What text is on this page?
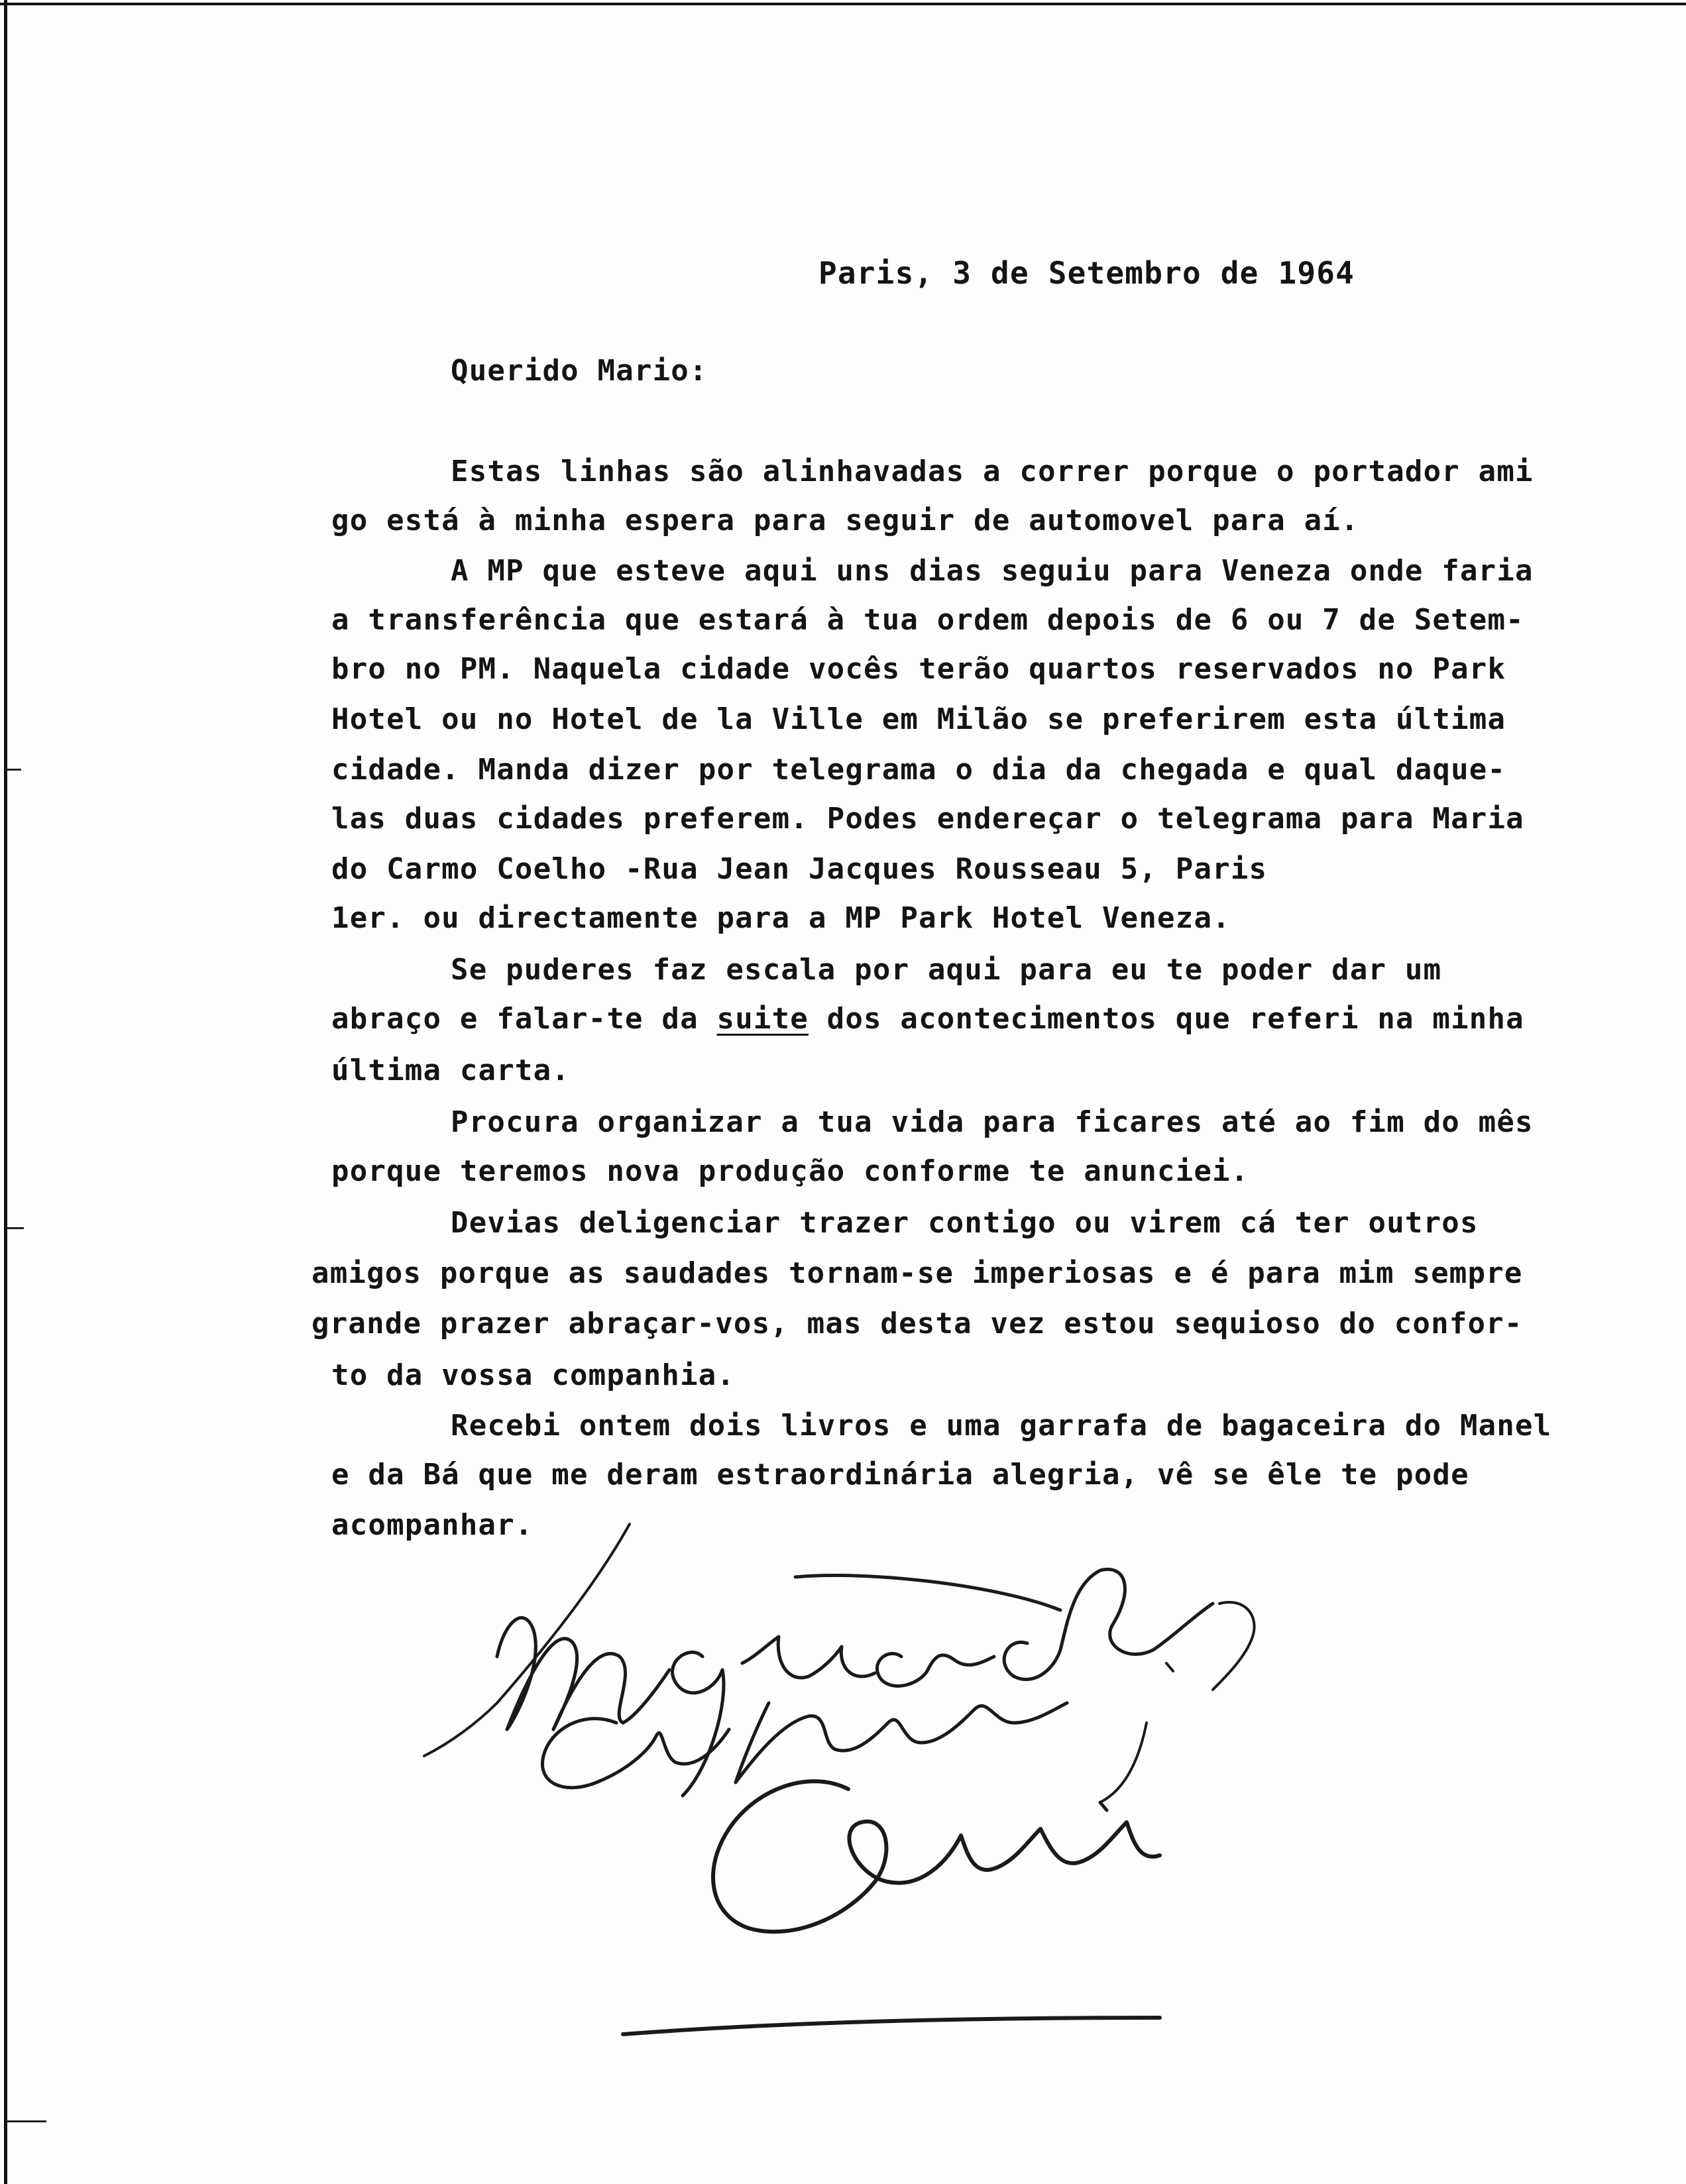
Paris, 3 de Setembro de 1964
Querido Mario:
Estas linhas são alinhavadas a correr porque o portador ami
go está à minha espera para seguir de automovel para aí.
A MP que esteve aqui uns dias seguiu para Veneza onde faria
a transferência que estará à tua ordem depois de 6 ou 7 de Setem-
bro no PM. Naquela cidade vocês terão quartos reservados no Park
Hotel ou no Hotel de la Ville em Milão se preferirem esta última
cidade. Manda dizer por telegrama o dia da chegada e qual daque-
las duas cidades preferem. Podes endereçar o telegrama para Maria
do Carmo Coelho -Rua Jean Jacques Rousseau 5, Paris
1er. ou directamente para a MP Park Hotel Veneza.
Se puderes faz escala por aqui para eu te poder dar um
abraço e falar-te da suite dos acontecimentos que referi na minha
última carta.
Procura organizar a tua vida para ficares até ao fim do mês
porque teremos nova produção conforme te anunciei.
Devias deligenciar trazer contigo ou virem cá ter outros
amigos porque as saudades tornam-se imperiosas e é para mim sempre
grande prazer abraçar-vos, mas desta vez estou sequioso do confor-
to da vossa companhia.
Recebi ontem dois livros e uma garrafa de bagaceira do Manel
e da Bá que me deram estraordinária alegria, vê se êle te pode
acompanhar.
